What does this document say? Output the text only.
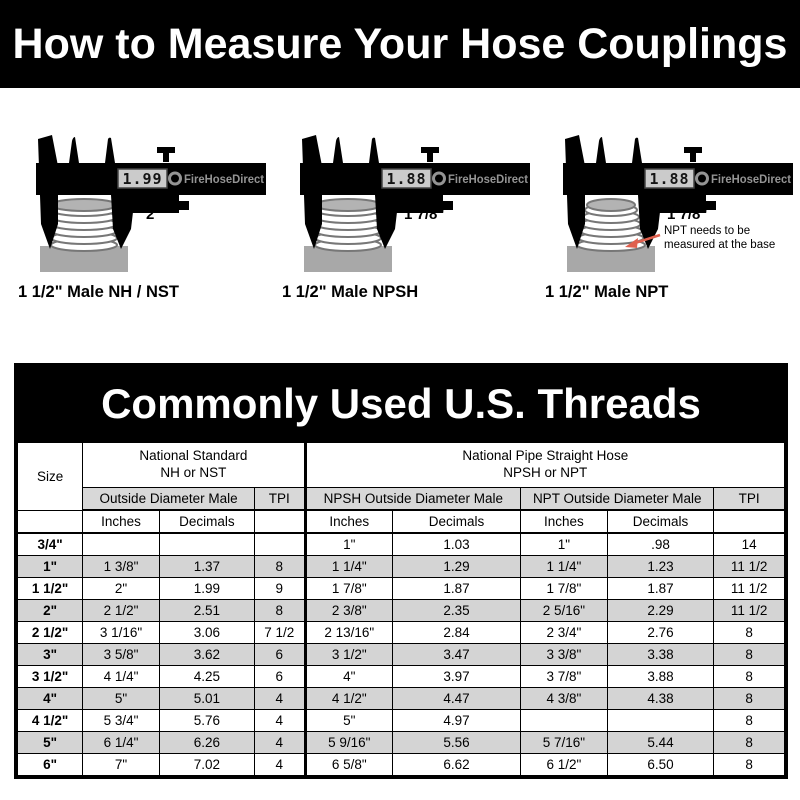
How to Measure Your Hose Couplings
1.99 FireHoseDirect
2"
1 1/2" Male NH / NST
1.88 FireHoseDirect
1 7/8"
1 1/2" Male NPSH
1.88 FireHoseDirect
1 7/8"
NPT needs to be
measured at the base
1 1/2" Male NPT
Commonly Used U.S. Threads
Size	
National Standard
NH or NST

National Pipe Straight Hose
NPSH or NPT

	Outside Diameter Male		TPI	NPSH Outside Diameter Male		NPT Outside Diameter Male		TPI
	Inches	Decimals		Inches	Decimals	Inches	Decimals	
3/4"				1"	1.03	1"	.98	14
1"	1 3/8"	1.37	8	1 1/4"	1.29	1 1/4"	1.23	11 1/2
1 1/2"	2"	1.99	9	1 7/8"	1.87	1 7/8"	1.87	11 1/2
2"	2 1/2"	2.51	8	2 3/8"	2.35	2 5/16"	2.29	11 1/2
2 1/2"	3 1/16"	3.06	7 1/2	2 13/16"	2.84	2 3/4"	2.76	8
3"	3 5/8"	3.62	6	3 1/2"	3.47	3 3/8"	3.38	8
3 1/2"	4 1/4"	4.25	6	4"	3.97	3 7/8"	3.88	8
4"	5"	5.01	4	4 1/2"	4.47	4 3/8"	4.38	8
4 1/2"	5 3/4"	5.76	4	5"	4.97			8
5"	6 1/4"	6.26	4	5 9/16"	5.56	5 7/16"	5.44	8
6"	7"	7.02	4	6 5/8"	6.62	6 1/2"	6.50	8
